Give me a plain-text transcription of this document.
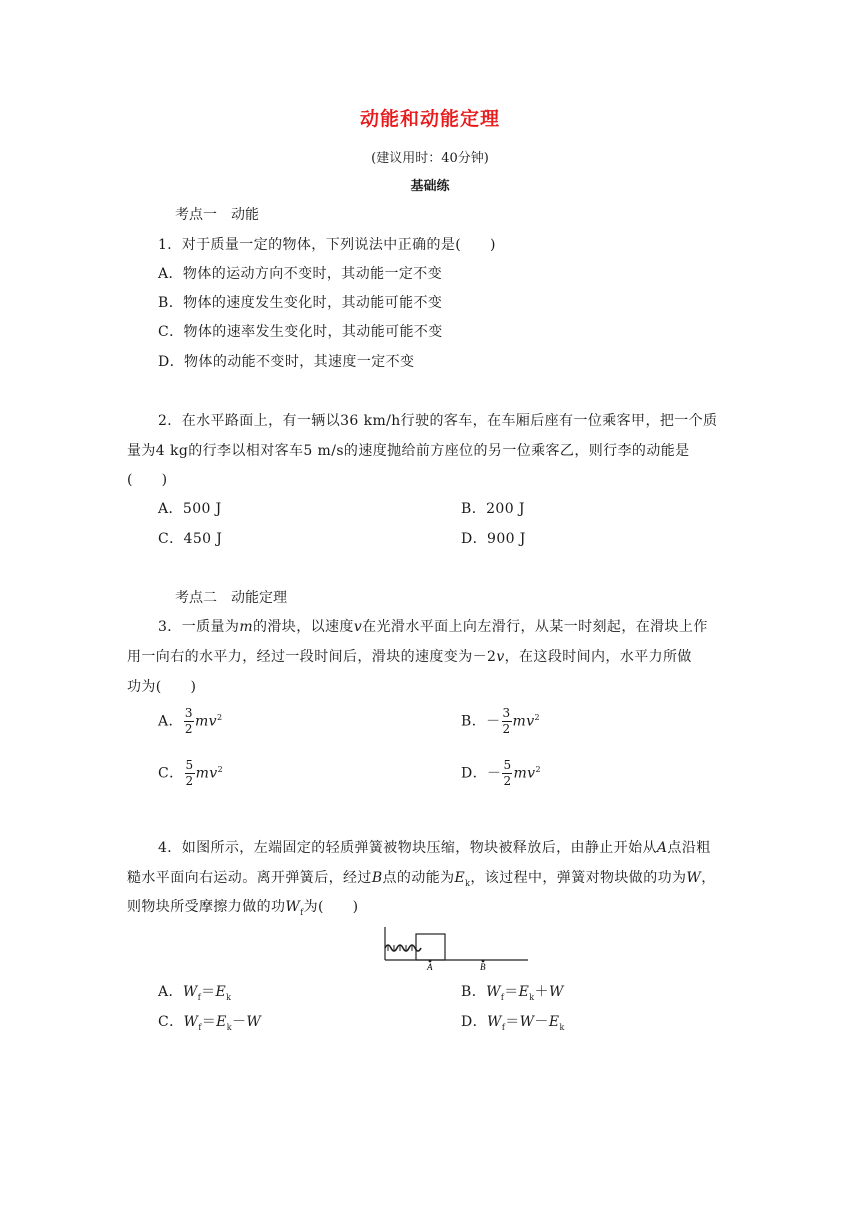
动能和动能定理
(建议用时：40分钟)
基础练
考点一　动能
1．对于质量一定的物体，下列说法中正确的是(　　)
A．物体的运动方向不变时，其动能一定不变
B．物体的速度发生变化时，其动能可能不变
C．物体的速率发生变化时，其动能可能不变
D．物体的动能不变时，其速度一定不变
2．在水平路面上，有一辆以36 km/h行驶的客车，在车厢后座有一位乘客甲，把一个质
量为4 kg的行李以相对客车5 m/s的速度抛给前方座位的另一位乘客乙，则行李的动能是
(　　)
A．500 J	B．200 J
C．450 J	D．900 J
考点二　动能定理
3．一质量为m的滑块，以速度v在光滑水平面上向左滑行，从某一时刻起，在滑块上作
用一向右的水平力，经过一段时间后，滑块的速度变为－2v，在这段时间内，水平力所做
功为(　　)
A． $\frac{3}{2} mv^2$	B．－ $\frac{3}{2} mv^2$
C． $\frac{5}{2} mv^2$	D．－ $\frac{5}{2} mv^2$
4．如图所示，左端固定的轻质弹簧被物块压缩，物块被释放后，由静止开始从A点沿粗
糙水平面向右运动。离开弹簧后，经过B点的动能为$E_k$，该过程中，弹簧对物块做的功为W，
则物块所受摩擦力做的功$W_f$为(　　)
A	B
A．$W_f=E_k$	B．$W_f=E_k+W$
C．$W_f=E_k-W$	D．$W_f=W-E_k$
